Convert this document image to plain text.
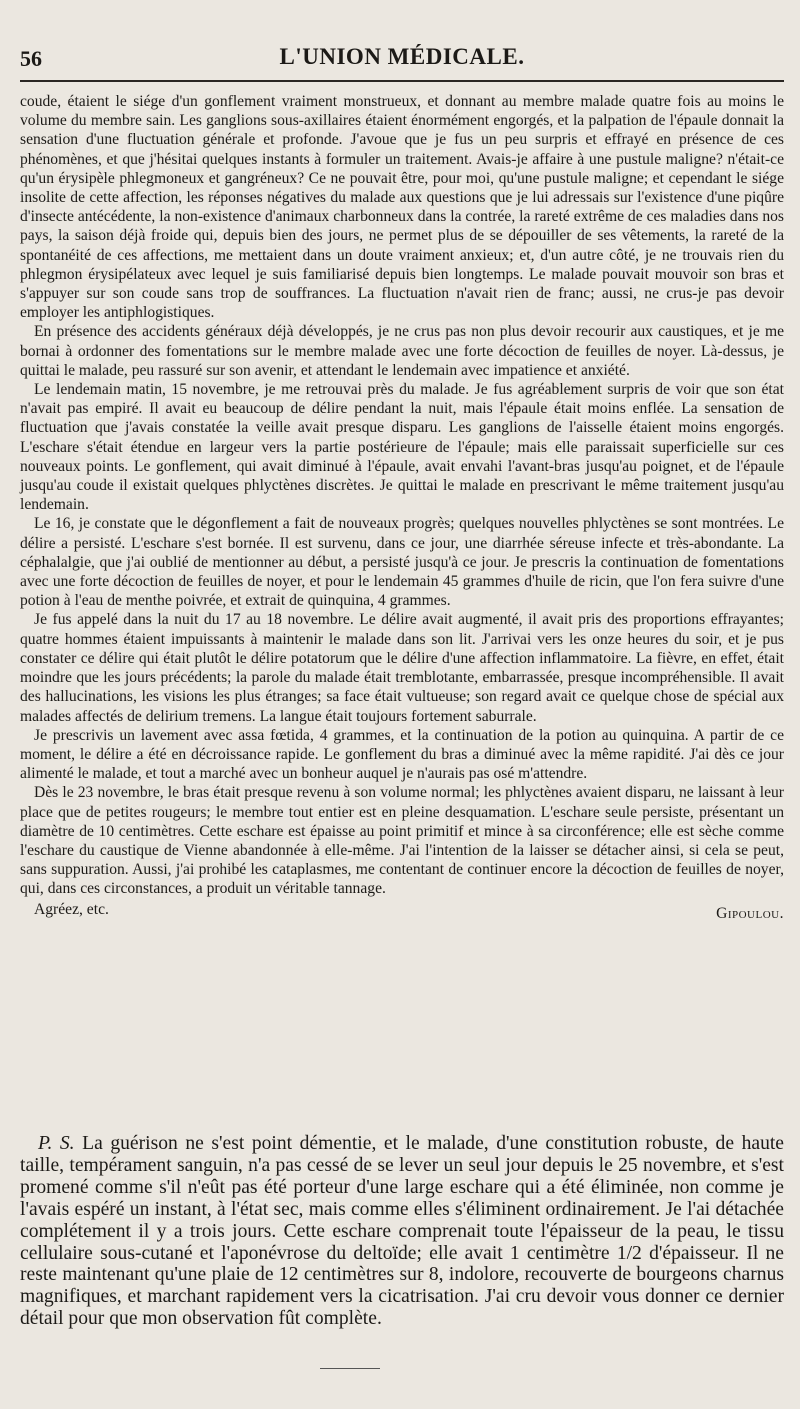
56	L'UNION MÉDICALE.

coude, étaient le siége d'un gonflement vraiment monstrueux, et donnant au membre malade quatre fois au moins le volume du membre sain. Les ganglions sous-axillaires étaient énormément engorgés, et la palpation de l'épaule donnait la sensation d'une fluctuation générale et profonde. J'avoue que je fus un peu surpris et effrayé en présence de ces phénomènes, et que j'hésitai quelques instants à formuler un traitement. Avais-je affaire à une pustule maligne? n'était-ce qu'un érysipèle phlegmoneux et gangréneux? Ce ne pouvait être, pour moi, qu'une pustule maligne; et cependant le siége insolite de cette affection, les réponses négatives du malade aux questions que je lui adressais sur l'existence d'une piqûre d'insecte antécédente, la non-existence d'animaux charbonneux dans la contrée, la rareté extrême de ces maladies dans nos pays, la saison déjà froide qui, depuis bien des jours, ne permet plus de se dépouiller de ses vêtements, la rareté de la spontanéité de ces affections, me mettaient dans un doute vraiment anxieux; et, d'un autre côté, je ne trouvais rien du phlegmon érysipélateux avec lequel je suis familiarisé depuis bien longtemps. Le malade pouvait mouvoir son bras et s'appuyer sur son coude sans trop de souffrances. La fluctuation n'avait rien de franc; aussi, ne crus-je pas devoir employer les antiphlogistiques.

En présence des accidents généraux déjà développés, je ne crus pas non plus devoir recourir aux caustiques, et je me bornai à ordonner des fomentations sur le membre malade avec une forte décoction de feuilles de noyer. Là-dessus, je quittai le malade, peu rassuré sur son avenir, et attendant le lendemain avec impatience et anxiété.

Le lendemain matin, 15 novembre, je me retrouvai près du malade. Je fus agréablement surpris de voir que son état n'avait pas empiré. Il avait eu beaucoup de délire pendant la nuit, mais l'épaule était moins enflée. La sensation de fluctuation que j'avais constatée la veille avait presque disparu. Les ganglions de l'aisselle étaient moins engorgés. L'eschare s'était étendue en largeur vers la partie postérieure de l'épaule; mais elle paraissait superficielle sur ces nouveaux points. Le gonflement, qui avait diminué à l'épaule, avait envahi l'avant-bras jusqu'au poignet, et de l'épaule jusqu'au coude il existait quelques phlyctènes discrètes. Je quittai le malade en prescrivant le même traitement jusqu'au lendemain.

Le 16, je constate que le dégonflement a fait de nouveaux progrès; quelques nouvelles phlyctènes se sont montrées. Le délire a persisté. L'eschare s'est bornée. Il est survenu, dans ce jour, une diarrhée séreuse infecte et très-abondante. La céphalalgie, que j'ai oublié de mentionner au début, a persisté jusqu'à ce jour. Je prescris la continuation de fomentations avec une forte décoction de feuilles de noyer, et pour le lendemain 45 grammes d'huile de ricin, que l'on fera suivre d'une potion à l'eau de menthe poivrée, et extrait de quinquina, 4 grammes.

Je fus appelé dans la nuit du 17 au 18 novembre. Le délire avait augmenté, il avait pris des proportions effrayantes; quatre hommes étaient impuissants à maintenir le malade dans son lit. J'arrivai vers les onze heures du soir, et je pus constater ce délire qui était plutôt le délire potatorum que le délire d'une affection inflammatoire. La fièvre, en effet, était moindre que les jours précédents; la parole du malade était tremblotante, embarrassée, presque incompréhensible. Il avait des hallucinations, les visions les plus étranges; sa face était vultueuse; son regard avait ce quelque chose de spécial aux malades affectés de delirium tremens. La langue était toujours fortement saburrale.

Je prescrivis un lavement avec assa fœtida, 4 grammes, et la continuation de la potion au quinquina. A partir de ce moment, le délire a été en décroissance rapide. Le gonflement du bras a diminué avec la même rapidité. J'ai dès ce jour alimenté le malade, et tout a marché avec un bonheur auquel je n'aurais pas osé m'attendre.

Dès le 23 novembre, le bras était presque revenu à son volume normal; les phlyctènes avaient disparu, ne laissant à leur place que de petites rougeurs; le membre tout entier est en pleine desquamation. L'eschare seule persiste, présentant un diamètre de 10 centimètres. Cette eschare est épaisse au point primitif et mince à sa circonférence; elle est sèche comme l'eschare du caustique de Vienne abandonnée à elle-même. J'ai l'intention de la laisser se détacher ainsi, si cela se peut, sans suppuration. Aussi, j'ai prohibé les cataplasmes, me contentant de continuer encore la décoction de feuilles de noyer, qui, dans ces circonstances, a produit un véritable tannage.

Agréez, etc.	Gipoulou.

P. S. La guérison ne s'est point démentie, et le malade, d'une constitution robuste, de haute taille, tempérament sanguin, n'a pas cessé de se lever un seul jour depuis le 25 novembre, et s'est promené comme s'il n'eût pas été porteur d'une large eschare qui a été éliminée, non comme je l'avais espéré un instant, à l'état sec, mais comme elles s'éliminent ordinairement. Je l'ai détachée complétement il y a trois jours. Cette eschare comprenait toute l'épaisseur de la peau, le tissu cellulaire sous-cutané et l'aponévrose du deltoïde; elle avait 1 centimètre 1/2 d'épaisseur. Il ne reste maintenant qu'une plaie de 12 centimètres sur 8, indolore, recouverte de bourgeons charnus magnifiques, et marchant rapidement vers la cicatrisation. J'ai cru devoir vous donner ce dernier détail pour que mon observation fût complète.
